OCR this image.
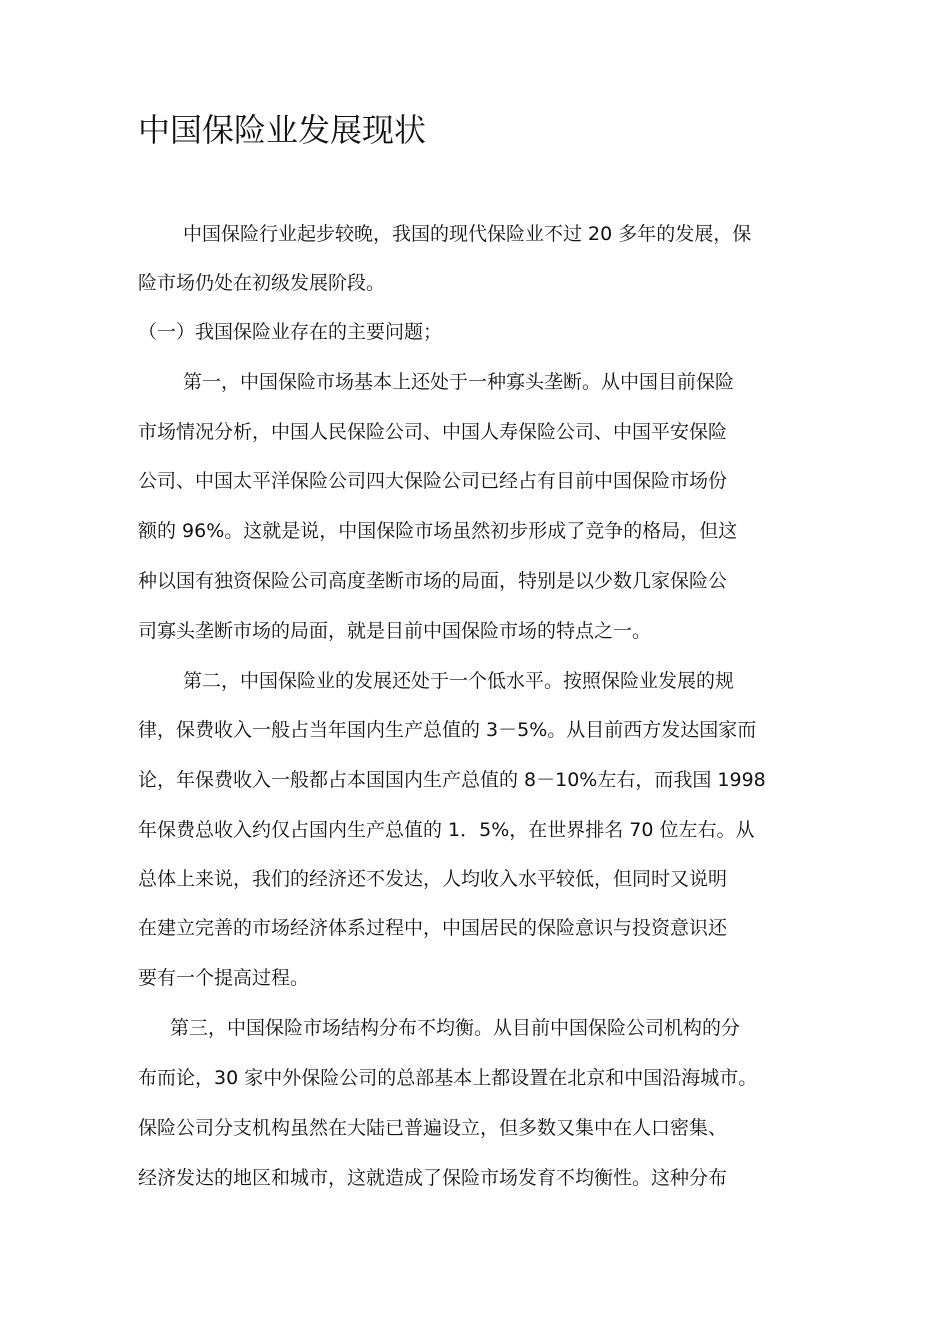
中国保险业发展现状

中国保险行业起步较晚，我国的现代保险业不过 20 多年的发展，保

险市场仍处在初级发展阶段。

（一）我国保险业存在的主要问题；

第一，中国保险市场基本上还处于一种寡头垄断。从中国目前保险

市场情况分析，中国人民保险公司、中国人寿保险公司、中国平安保险

公司、中国太平洋保险公司四大保险公司已经占有目前中国保险市场份

额的 96%。这就是说，中国保险市场虽然初步形成了竞争的格局，但这

种以国有独资保险公司高度垄断市场的局面，特别是以少数几家保险公

司寡头垄断市场的局面，就是目前中国保险市场的特点之一。

第二，中国保险业的发展还处于一个低水平。按照保险业发展的规

律，保费收入一般占当年国内生产总值的 3－5%。从目前西方发达国家而

论，年保费收入一般都占本国国内生产总值的 8－10%左右，而我国 1998

年保费总收入约仅占国内生产总值的 1．5%，在世界排名 70 位左右。从

总体上来说，我们的经济还不发达，人均收入水平较低，但同时又说明

在建立完善的市场经济体系过程中，中国居民的保险意识与投资意识还

要有一个提高过程。

第三，中国保险市场结构分布不均衡。从目前中国保险公司机构的分

布而论，30 家中外保险公司的总部基本上都设置在北京和中国沿海城市。

保险公司分支机构虽然在大陆已普遍设立，但多数又集中在人口密集、

经济发达的地区和城市，这就造成了保险市场发育不均衡性。这种分布
